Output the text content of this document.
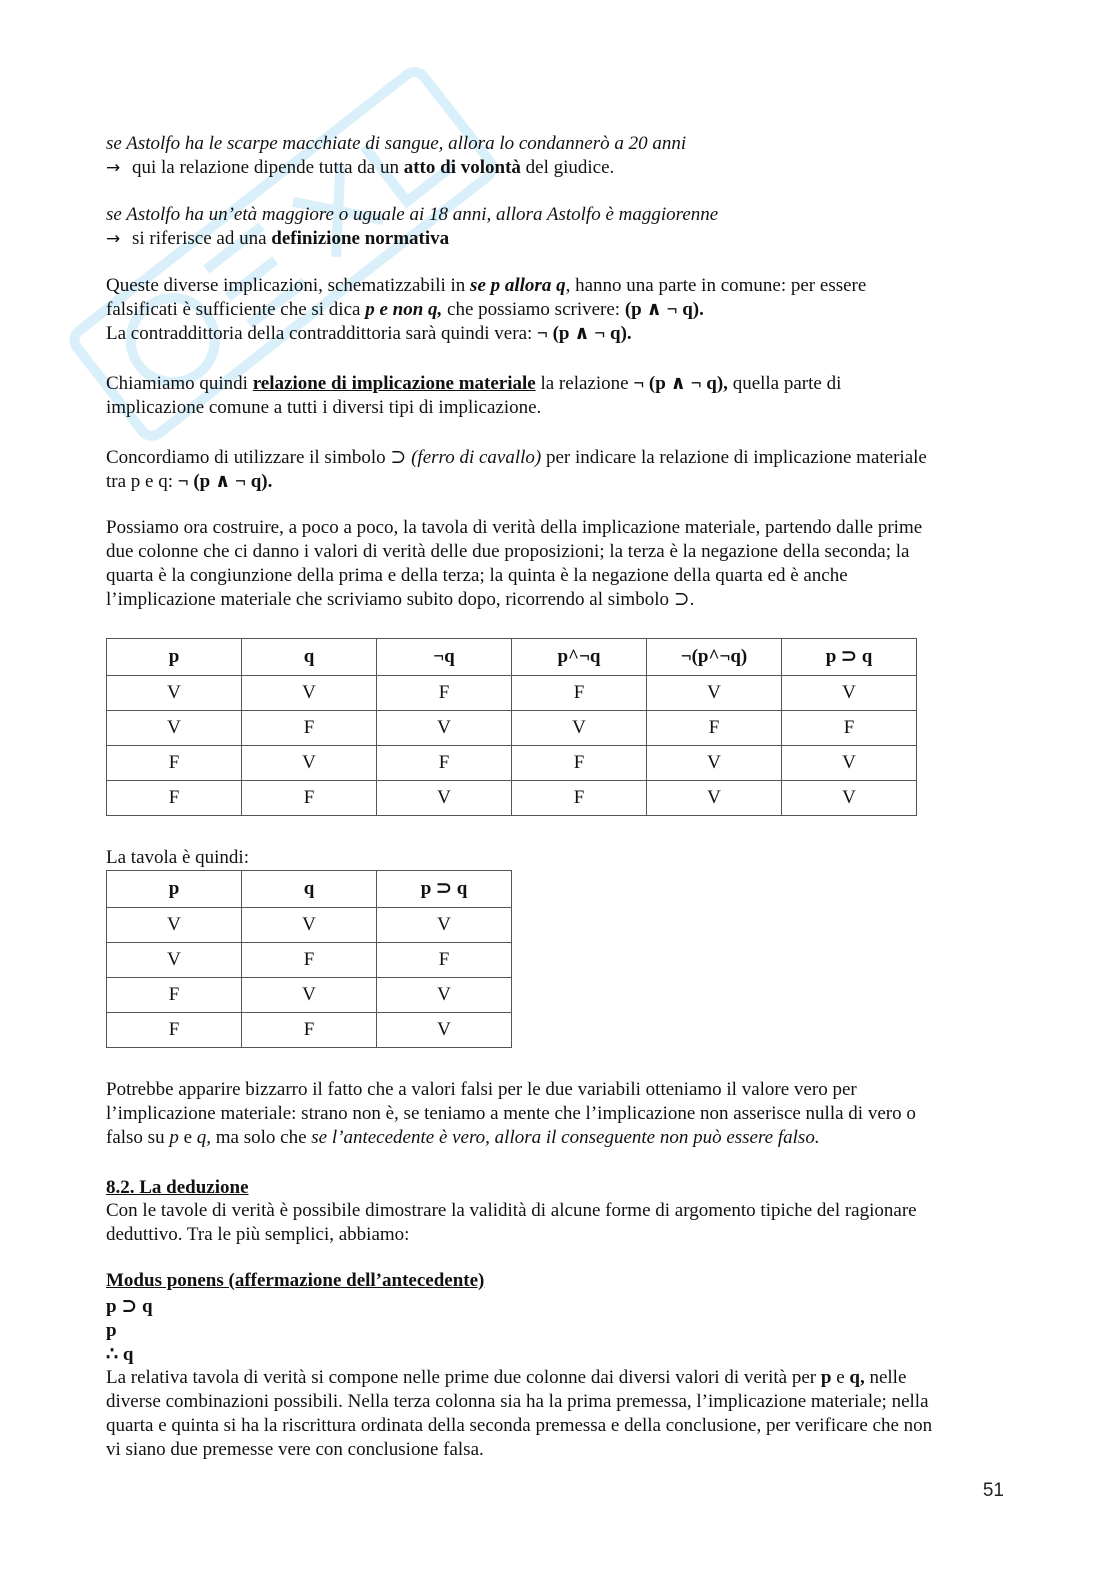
se Astolfo ha le scarpe macchiate di sangue, allora lo condannerò a 20 anni
→ qui la relazione dipende tutta da un atto di volontà del giudice.
se Astolfo ha un’età maggiore o uguale ai 18 anni, allora Astolfo è maggiorenne
→ si riferisce ad una definizione normativa
Queste diverse implicazioni, schematizzabili in se p allora q, hanno una parte in comune: per essere
falsificati è sufficiente che si dica p e non q, che possiamo scrivere: (p ∧ ¬ q).
La contraddittoria della contraddittoria sarà quindi vera: ¬ (p ∧ ¬ q).
Chiamiamo quindi relazione di implicazione materiale la relazione ¬ (p ∧ ¬ q), quella parte di
implicazione comune a tutti i diversi tipi di implicazione.
Concordiamo di utilizzare il simbolo ⊃ (ferro di cavallo) per indicare la relazione di implicazione materiale
tra p e q: ¬ (p ∧ ¬ q).
Possiamo ora costruire, a poco a poco, la tavola di verità della implicazione materiale, partendo dalle prime
due colonne che ci danno i valori di verità delle due proposizioni; la terza è la negazione della seconda; la
quarta è la congiunzione della prima e della terza; la quinta è la negazione della quarta ed è anche
l’implicazione materiale che scriviamo subito dopo, ricorrendo al simbolo ⊃.
p	q	¬q	p^¬q	¬(p^¬q)	p ⊃ q
V	V	F	F	V	V
V	F	V	V	F	F
F	V	F	F	V	V
F	F	V	F	V	V
La tavola è quindi:
p	q	p ⊃ q
V	V	V
V	F	F
F	V	V
F	F	V
Potrebbe apparire bizzarro il fatto che a valori falsi per le due variabili otteniamo il valore vero per
l’implicazione materiale: strano non è, se teniamo a mente che l’implicazione non asserisce nulla di vero o
falso su p e q, ma solo che se l’antecedente è vero, allora il conseguente non può essere falso.
8.2. La deduzione
Con le tavole di verità è possibile dimostrare la validità di alcune forme di argomento tipiche del ragionare
deduttivo. Tra le più semplici, abbiamo:
Modus ponens (affermazione dell’antecedente)
p ⊃ q
p
∴ q
La relativa tavola di verità si compone nelle prime due colonne dai diversi valori di verità per p e q, nelle
diverse combinazioni possibili. Nella terza colonna sia ha la prima premessa, l’implicazione materiale; nella
quarta e quinta si ha la riscrittura ordinata della seconda premessa e della conclusione, per verificare che non
vi siano due premesse vere con conclusione falsa.
51
